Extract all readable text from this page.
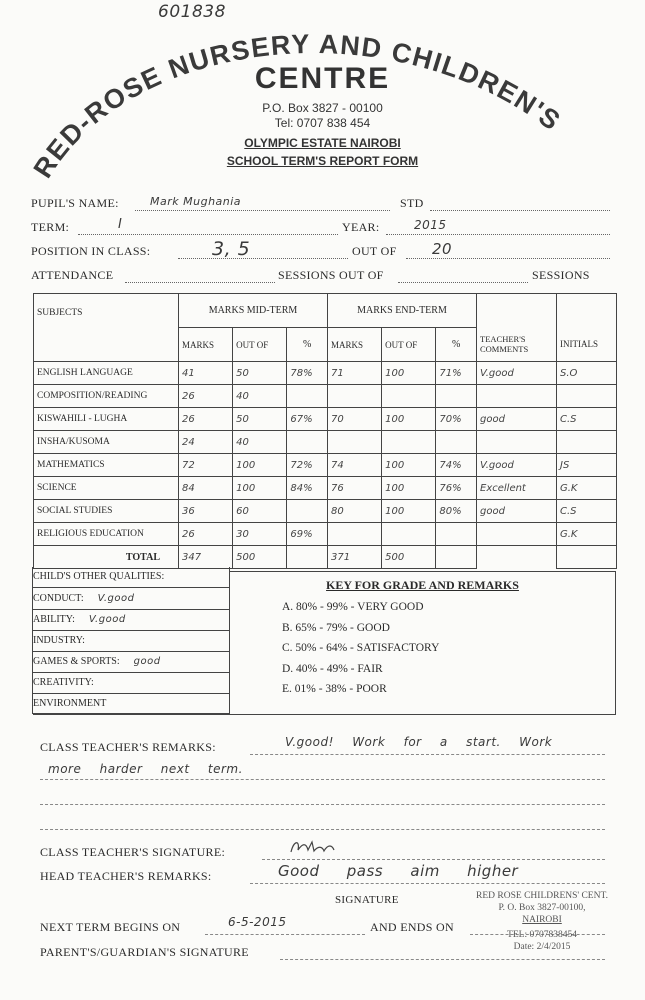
601838
RED-ROSE NURSERY AND CHILDREN'S
CENTRE
P.O. Box 3827 - 00100
Tel: 0707 838 454
OLYMPIC ESTATE NAIROBI
SCHOOL TERM'S REPORT FORM
PUPIL'S NAME:	Mark Mughania	STD
TERM:	I	YEAR:	2015
POSITION IN CLASS:	3, 5	OUT OF 20
ATTENDANCE	SESSIONS OUT OF	SESSIONS
SUBJECTS	MARKS MID-TERM			MARKS END-TERM				
	MARKS	OUT OF	%	MARKS	OUT OF	%	TEACHER'S COMMENTS	INITIALS
ENGLISH LANGUAGE	41	50	78%	71	100	71%	V.good	S.O
COMPOSITION/READING	26	40						
KISWAHILI - LUGHA	26	50	67%	70	100	70%	good	C.S
INSHA/KUSOMA	24	40						
MATHEMATICS	72	100	72%	74	100	74%	V.good	JS
SCIENCE	84	100	84%	76	100	76%	Excellent	G.K
SOCIAL STUDIES	36	60		80	100	80%	good	C.S
RELIGIOUS EDUCATION	26	30	69%					G.K
TOTAL	347	500		371	500			
CHILD'S OTHER QUALITIES:
CONDUCT: V.good
ABILITY: V.good
INDUSTRY:
GAMES & SPORTS: good
CREATIVITY:
ENVIRONMENT
KEY FOR GRADE AND REMARKS
A. 80% - 99% - VERY GOOD
B. 65% - 79% - GOOD
C. 50% - 64% - SATISFACTORY
D. 40% - 49% - FAIR
E. 01% - 38% - POOR
CLASS TEACHER'S REMARKS:	V.good! Work for a start. Work
more harder next term.
CLASS TEACHER'S SIGNATURE:
HEAD TEACHER'S REMARKS:	Good pass aim higher
SIGNATURE
NEXT TERM BEGINS ON	6-5-2015	AND ENDS ON
PARENT'S/GUARDIAN'S SIGNATURE
RED ROSE CHILDRENS' CENT.
P. O. Box 3827-00100,
NAIROBI
TEL: 0707838454
Date: 2/4/2015
